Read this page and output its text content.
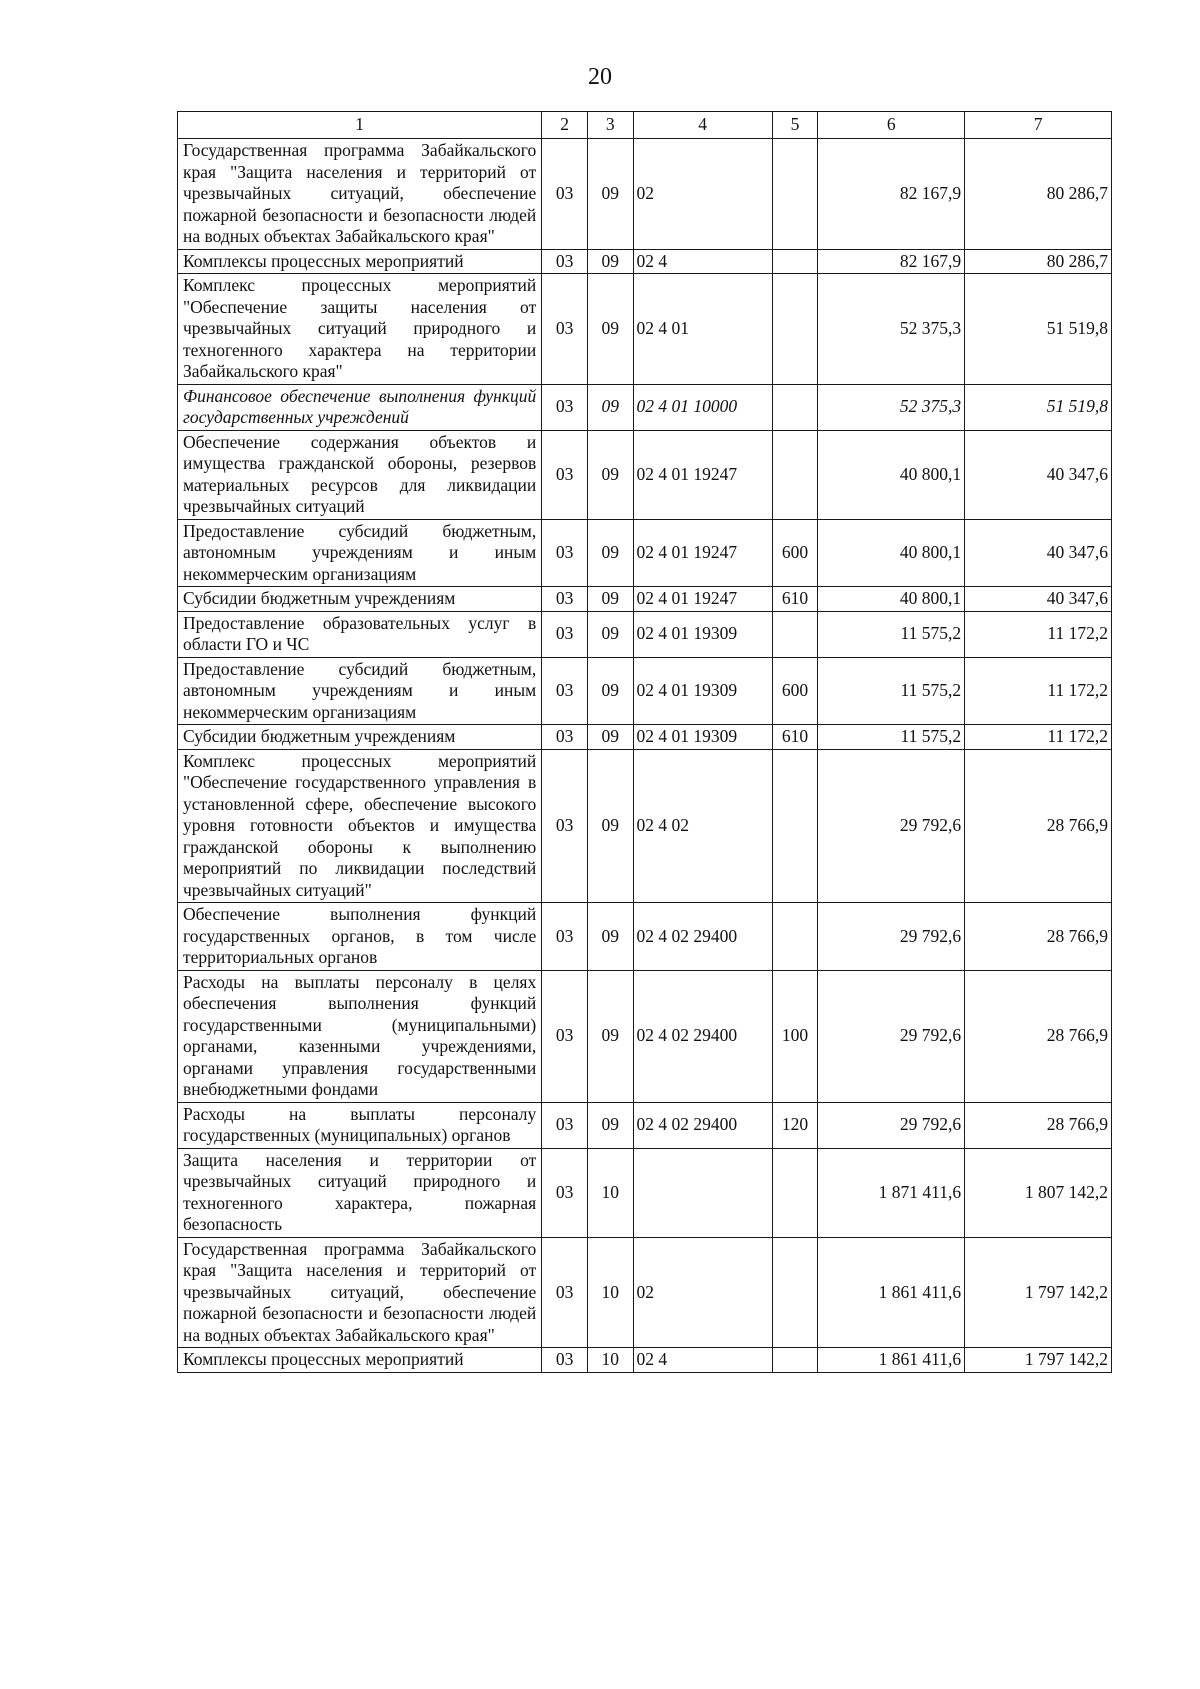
20
1	2	3	4	5	6	7
Государственная программа Забайкальского края "Защита населения и территорий от чрезвычайных ситуаций, обеспечение пожарной безопасности и безопасности людей на водных объектах Забайкальского края"	03	09	02		82 167,9	80 286,7
Комплексы процессных мероприятий	03	09	02 4		82 167,9	80 286,7
Комплекс процессных мероприятий "Обеспечение защиты населения от чрезвычайных ситуаций природного и техногенного характера на территории Забайкальского края"	03	09	02 4 01		52 375,3	51 519,8
Финансовое обеспечение выполнения функций государственных учреждений	03	09	02 4 01 10000		52 375,3	51 519,8
Обеспечение содержания объектов и имущества гражданской обороны, резервов материальных ресурсов для ликвидации чрезвычайных ситуаций	03	09	02 4 01 19247		40 800,1	40 347,6
Предоставление субсидий бюджетным, автономным учреждениям и иным некоммерческим организациям	03	09	02 4 01 19247	600	40 800,1	40 347,6
Субсидии бюджетным учреждениям	03	09	02 4 01 19247	610	40 800,1	40 347,6
Предоставление образовательных услуг в области ГО и ЧС	03	09	02 4 01 19309		11 575,2	11 172,2
Предоставление субсидий бюджетным, автономным учреждениям и иным некоммерческим организациям	03	09	02 4 01 19309	600	11 575,2	11 172,2
Субсидии бюджетным учреждениям	03	09	02 4 01 19309	610	11 575,2	11 172,2
Комплекс процессных мероприятий "Обеспечение государственного управления в установленной сфере, обеспечение высокого уровня готовности объектов и имущества гражданской обороны к выполнению мероприятий по ликвидации последствий чрезвычайных ситуаций"	03	09	02 4 02		29 792,6	28 766,9
Обеспечение выполнения функций государственных органов, в том числе территориальных органов	03	09	02 4 02 29400		29 792,6	28 766,9
Расходы на выплаты персоналу в целях обеспечения выполнения функций государственными (муниципальными) органами, казенными учреждениями, органами управления государственными внебюджетными фондами	03	09	02 4 02 29400	100	29 792,6	28 766,9
Расходы на выплаты персоналу государственных (муниципальных) органов	03	09	02 4 02 29400	120	29 792,6	28 766,9
Защита населения и территории от чрезвычайных ситуаций природного и техногенного характера, пожарная безопасность	03	10			1 871 411,6	1 807 142,2
Государственная программа Забайкальского края "Защита населения и территорий от чрезвычайных ситуаций, обеспечение пожарной безопасности и безопасности людей на водных объектах Забайкальского края"	03	10	02		1 861 411,6	1 797 142,2
Комплексы процессных мероприятий	03	10	02 4		1 861 411,6	1 797 142,2
